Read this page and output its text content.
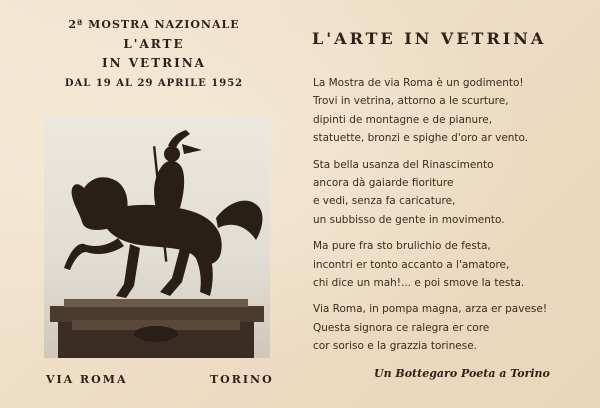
2ª MOSTRA NAZIONALE
L'ARTE
IN VETRINA
DAL 19 AL 29 APRILE 1952
VIA ROMA	TORINO
L'ARTE IN VETRINA
La Mostra de via Roma è un godimento!
Trovi in vetrina, attorno a le scurture,
dipinti de montagne e de pianure,
statuette, bronzi e spighe d'oro ar vento.
Sta bella usanza del Rinascimento
ancora dà gaiarde fioriture
e vedi, senza fa caricature,
un subbisso de gente in movimento.
Ma pure fra sto brulichio de festa,
incontri er tonto accanto a l'amatore,
chi dice un mah!... e poi smove la testa.
Via Roma, in pompa magna, arza er pavese!
Questa signora ce ralegra er core
cor soriso e la grazzia torinese.
Un Bottegaro Poeta a Torino
